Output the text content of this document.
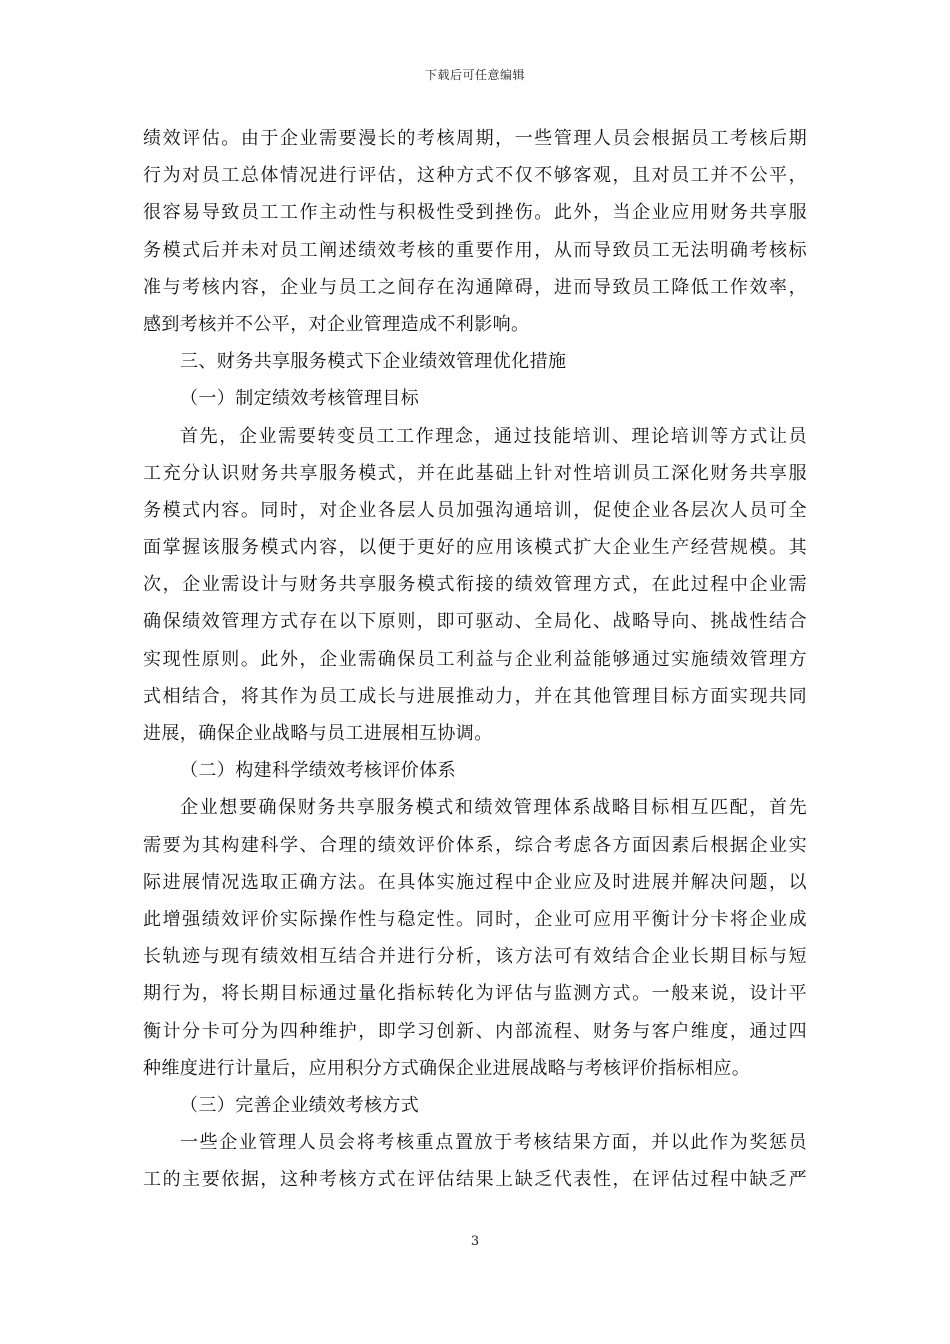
下载后可任意编辑
绩效评估。由于企业需要漫长的考核周期，一些管理人员会根据员工考核后期
行为对员工总体情况进行评估，这种方式不仅不够客观，且对员工并不公平，
很容易导致员工工作主动性与积极性受到挫伤。此外，当企业应用财务共享服
务模式后并未对员工阐述绩效考核的重要作用，从而导致员工无法明确考核标
准与考核内容，企业与员工之间存在沟通障碍，进而导致员工降低工作效率，
感到考核并不公平，对企业管理造成不利影响。
三、财务共享服务模式下企业绩效管理优化措施
（一）制定绩效考核管理目标
首先，企业需要转变员工工作理念，通过技能培训、理论培训等方式让员
工充分认识财务共享服务模式，并在此基础上针对性培训员工深化财务共享服
务模式内容。同时，对企业各层人员加强沟通培训，促使企业各层次人员可全
面掌握该服务模式内容，以便于更好的应用该模式扩大企业生产经营规模。其
次，企业需设计与财务共享服务模式衔接的绩效管理方式，在此过程中企业需
确保绩效管理方式存在以下原则，即可驱动、全局化、战略导向、挑战性结合
实现性原则。此外，企业需确保员工利益与企业利益能够通过实施绩效管理方
式相结合，将其作为员工成长与进展推动力，并在其他管理目标方面实现共同
进展，确保企业战略与员工进展相互协调。
（二）构建科学绩效考核评价体系
企业想要确保财务共享服务模式和绩效管理体系战略目标相互匹配，首先
需要为其构建科学、合理的绩效评价体系，综合考虑各方面因素后根据企业实
际进展情况选取正确方法。在具体实施过程中企业应及时进展并解决问题，以
此增强绩效评价实际操作性与稳定性。同时，企业可应用平衡计分卡将企业成
长轨迹与现有绩效相互结合并进行分析，该方法可有效结合企业长期目标与短
期行为，将长期目标通过量化指标转化为评估与监测方式。一般来说，设计平
衡计分卡可分为四种维护，即学习创新、内部流程、财务与客户维度，通过四
种维度进行计量后，应用积分方式确保企业进展战略与考核评价指标相应。
（三）完善企业绩效考核方式
一些企业管理人员会将考核重点置放于考核结果方面，并以此作为奖惩员
工的主要依据，这种考核方式在评估结果上缺乏代表性，在评估过程中缺乏严
3
